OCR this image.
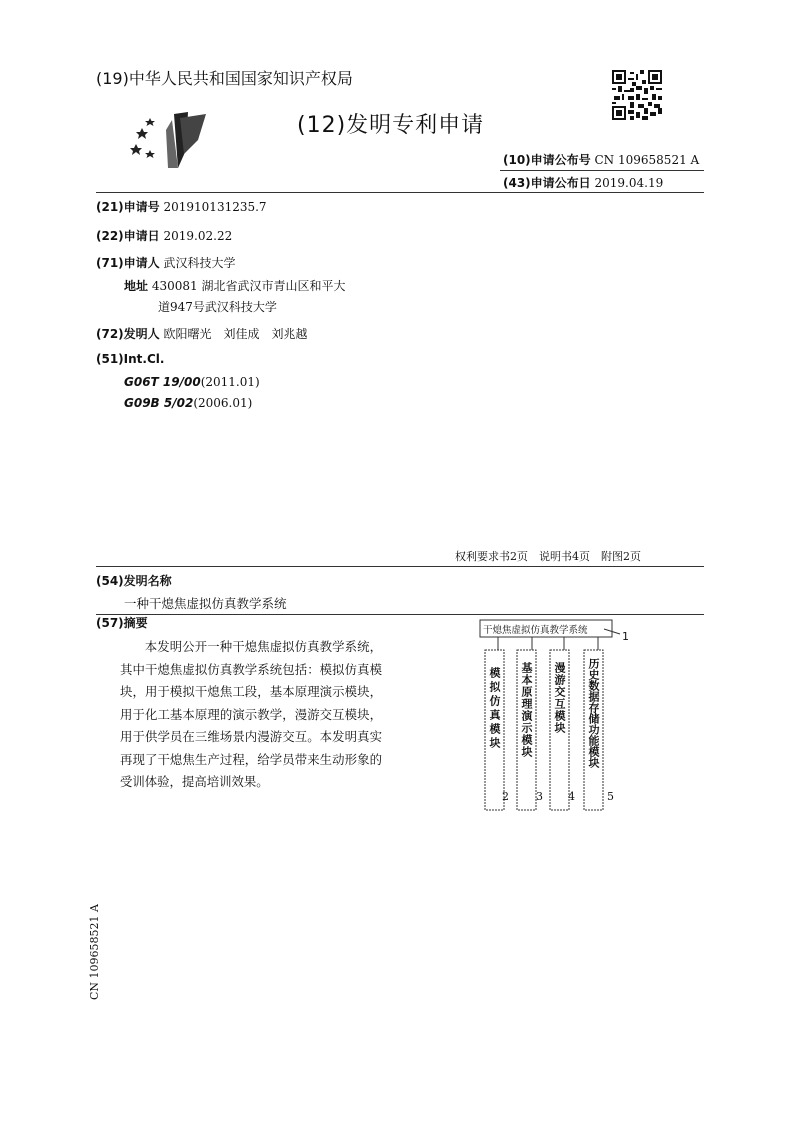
(19)中华人民共和国国家知识产权局
(12)发明专利申请
(10)申请公布号 CN 109658521 A
(43)申请公布日 2019.04.19
(21)申请号 201910131235.7
(22)申请日 2019.02.22
(71)申请人 武汉科技大学
地址 430081 湖北省武汉市青山区和平大
道947号武汉科技大学
(72)发明人 欧阳曙光　刘佳成　刘兆越
(51)Int.Cl.
G06T 19/00(2011.01)
G09B 5/02(2006.01)
权利要求书2页　说明书4页　附图2页
(54)发明名称
一种干熄焦虚拟仿真教学系统
(57)摘要
本发明公开一种干熄焦虚拟仿真教学系统，其中干熄焦虚拟仿真教学系统包括：模拟仿真模块，用于模拟干熄焦工段，基本原理演示模块，用于化工基本原理的演示教学，漫游交互模块，用于供学员在三维场景内漫游交互。本发明真实再现了干熄焦生产过程，给学员带来生动形象的受训体验，提高培训效果。
干熄焦虚拟仿真教学系统	1
模拟仿真模块 基本原理演示模块 漫游交互模块 历史数据存储功能模块
2 3 4	5
CN 109658521 A
